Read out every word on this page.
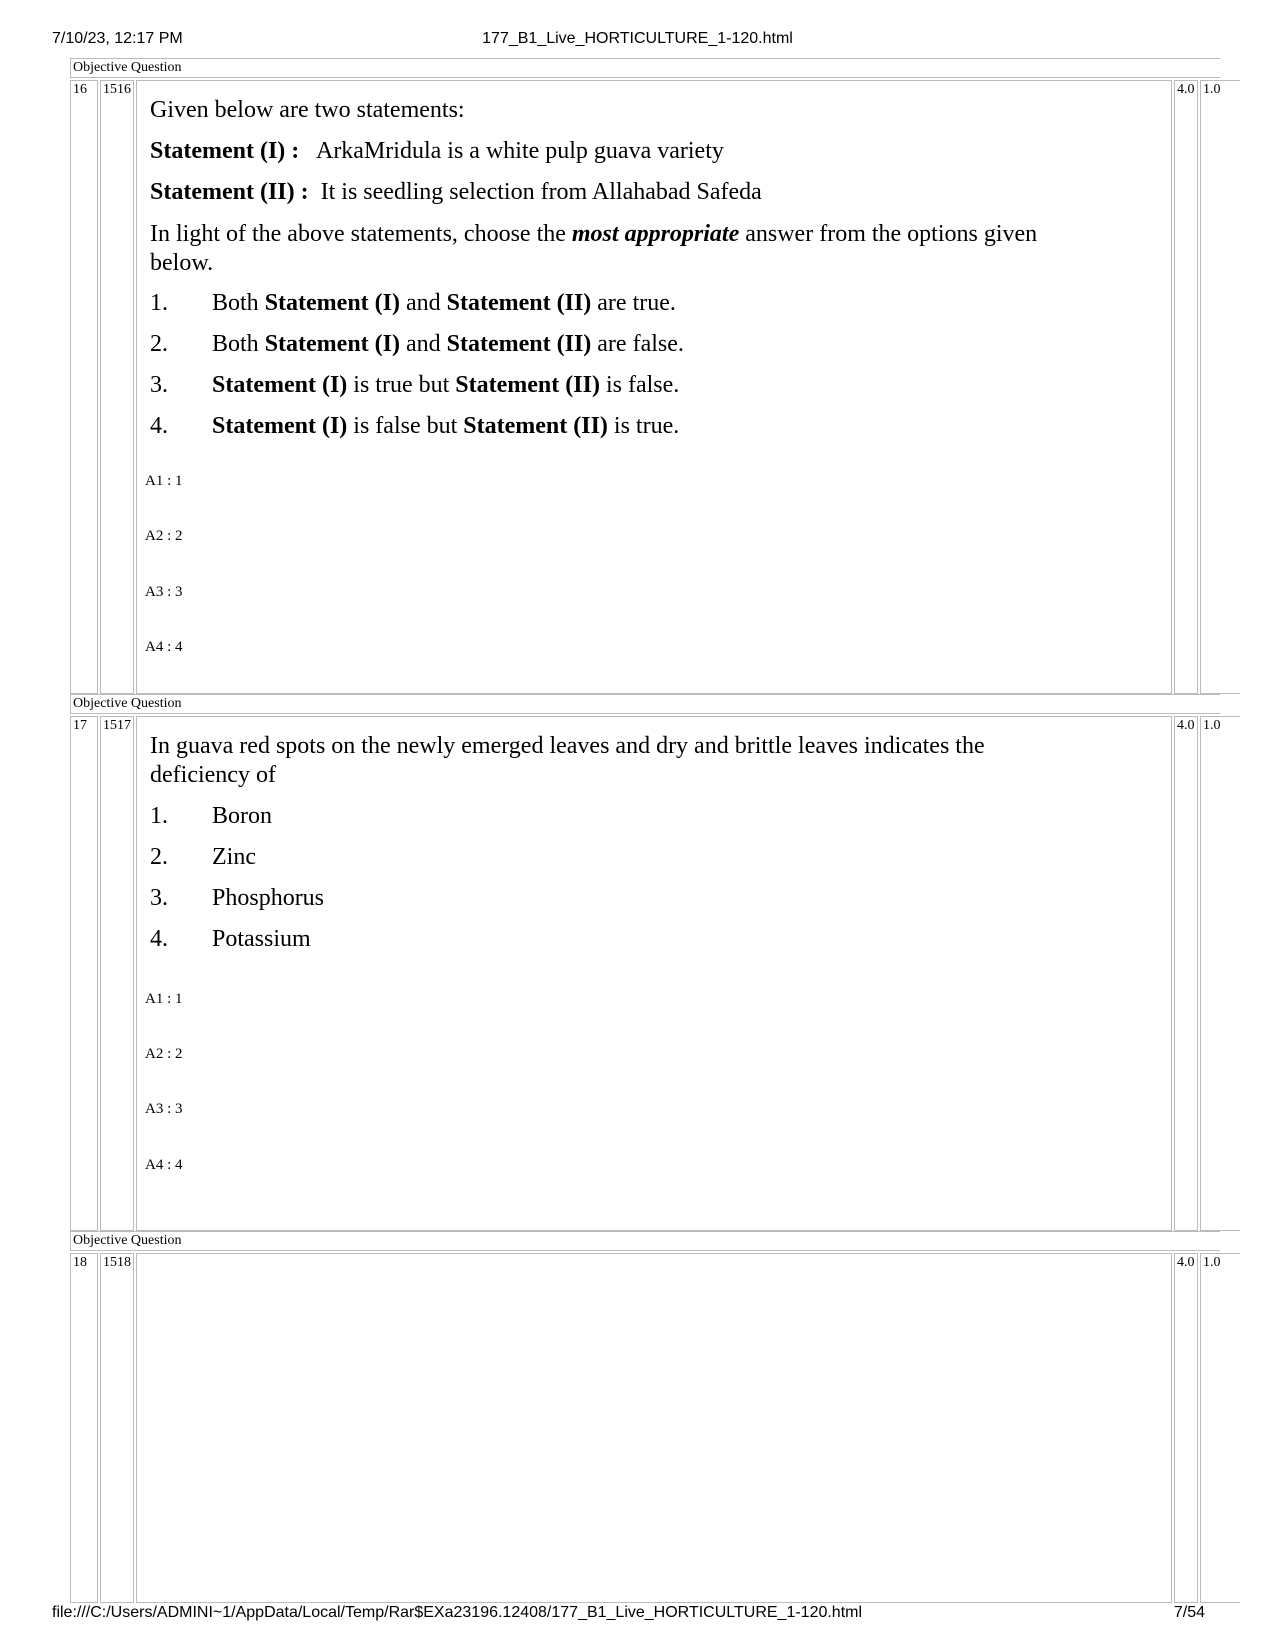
7/10/23, 12:17 PM	177_B1_Live_HORTICULTURE_1-120.html
Objective Question
16	1516	4.0 1.0
Given below are two statements:
Statement (I) : ArkaMridula is a white pulp guava variety
Statement (II) : It is seedling selection from Allahabad Safeda
In light of the above statements, choose the most appropriate answer from the options given below.
1. Both Statement (I) and Statement (II) are true.
2. Both Statement (I) and Statement (II) are false.
3. Statement (I) is true but Statement (II) is false.
4. Statement (I) is false but Statement (II) is true.
A1 : 1
A2 : 2
A3 : 3
A4 : 4
Objective Question
17	1517	4.0 1.0
In guava red spots on the newly emerged leaves and dry and brittle leaves indicates the deficiency of
1. Boron
2. Zinc
3. Phosphorus
4. Potassium
A1 : 1
A2 : 2
A3 : 3
A4 : 4
Objective Question
18	1518	4.0 1.0
file:///C:/Users/ADMINI~1/AppData/Local/Temp/Rar$EXa23196.12408/177_B1_Live_HORTICULTURE_1-120.html	7/54
